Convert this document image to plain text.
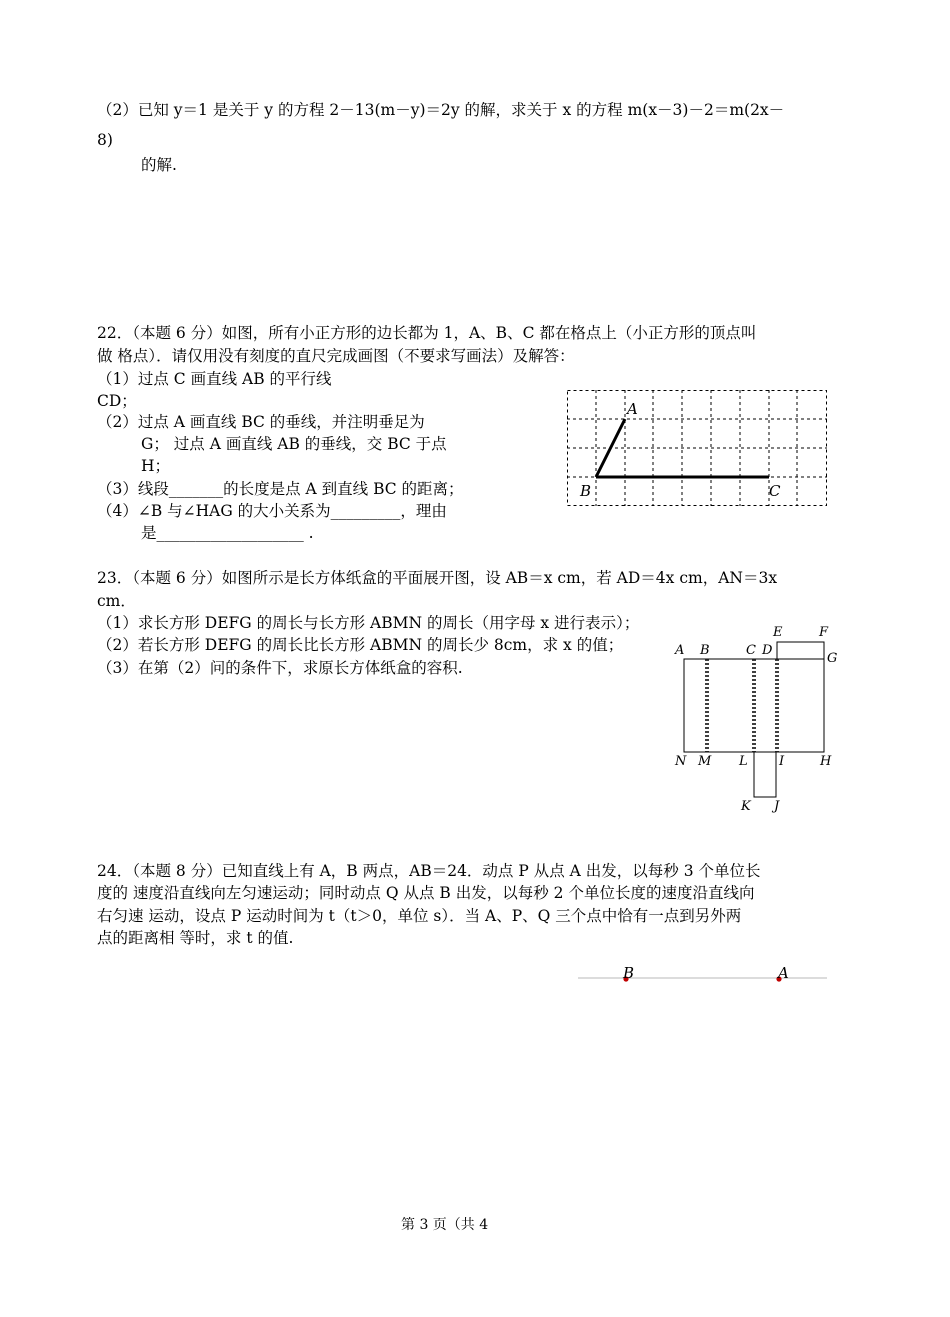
（2）已知 y＝1 是关于 y 的方程 2－13(m－y)＝2y 的解，求关于 x 的方程 m(x－3)－2＝m(2x－
8)
的解.
22．（本题 6 分）如图，所有小正方形的边长都为 1，A、B、C 都在格点上（小正方形的顶点叫
做 格点）．请仅用没有刻度的直尺完成画图（不要求写画法）及解答：
（1）过点 C 画直线 AB 的平行线
CD；
（2）过点 A 画直线 BC 的垂线，并注明垂足为
G； 过点 A 画直线 AB 的垂线，交 BC 于点
H；
（3）线段_______的长度是点 A 到直线 BC 的距离；
（4）∠B 与∠HAG 的大小关系为_________，理由
是___________________ .
A
B	C
23．（本题 6 分）如图所示是长方体纸盒的平面展开图，设 AB＝x cm，若 AD＝4x cm，AN＝3x
cm．
（1）求长方形 DEFG 的周长与长方形 ABMN 的周长（用字母 x 进行表示）；
（2）若长方形 DEFG 的周长比长方形 ABMN 的周长少 8cm，求 x 的值；
（3）在第（2）问的条件下，求原长方体纸盒的容积.
A B	C D
E	F
G
H
I
J
K
L
M
N
24．（本题 8 分）已知直线上有 A，B 两点，AB＝24．动点 P 从点 A 出发，以每秒 3 个单位长
度的 速度沿直线向左匀速运动；同时动点 Q 从点 B 出发，以每秒 2 个单位长度的速度沿直线向
右匀速 运动，设点 P 运动时间为 t（t＞0，单位 s）．当 A、P、Q 三个点中恰有一点到另外两
点的距离相 等时，求 t 的值.
B	A
第 3 页（共 4
